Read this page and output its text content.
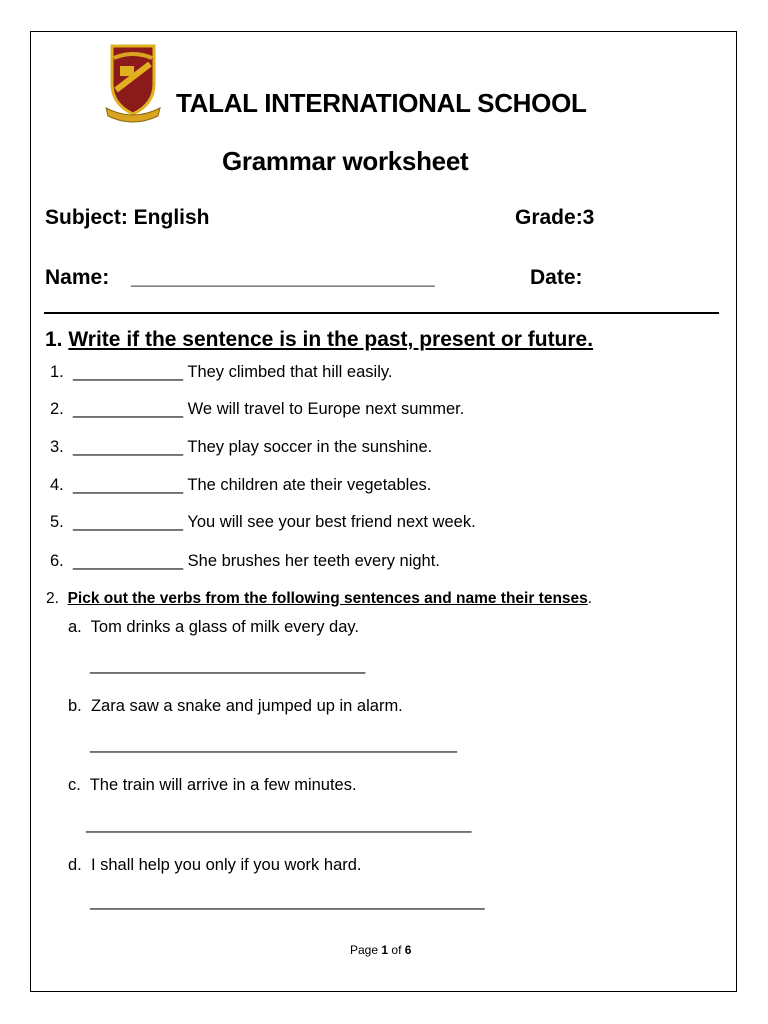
TALAL INTERNATIONAL SCHOOL
Grammar worksheet
Subject: English	Grade:3
Name: __________________________	Date:
1. Write if the sentence is in the past, present or future.
1. ____________ They climbed that hill easily.
2. ____________ We will travel to Europe next summer.
3. ____________ They play soccer in the sunshine.
4. ____________ The children ate their vegetables.
5. ____________ You will see your best friend next week.
6. ____________ She brushes her teeth every night.
2. Pick out the verbs from the following sentences and name their tenses.
a. Tom drinks a glass of milk every day.
______________________________
b. Zara saw a snake and jumped up in alarm.
________________________________________
c. The train will arrive in a few minutes.
__________________________________________
d. I shall help you only if you work hard.
___________________________________________
Page 1 of 6
